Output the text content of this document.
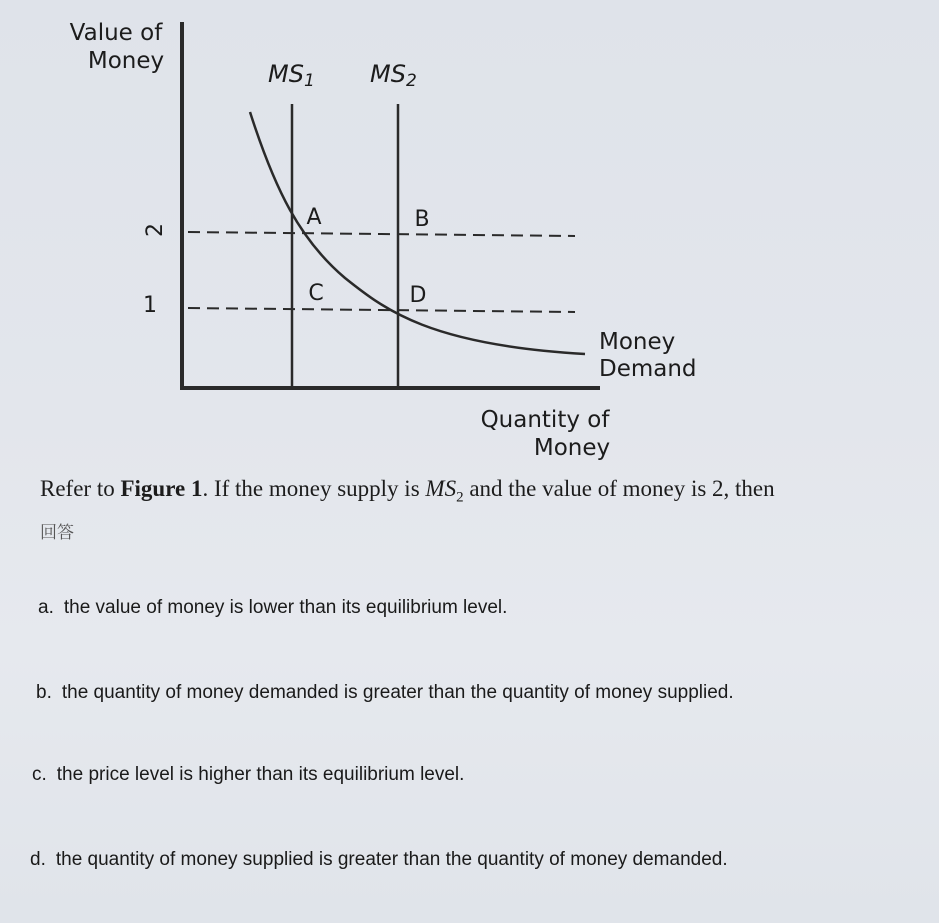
Value of
Money	MS1 MS2
2
1
A	B
C	D
Money
Demand
Quantity of
Money
Refer to Figure 1. If the money supply is $MS_2$ and the value of money is 2, then
回答
a. the value of money is lower than its equilibrium level.
b. the quantity of money demanded is greater than the quantity of money supplied.
c. the price level is higher than its equilibrium level.
d. the quantity of money supplied is greater than the quantity of money demanded.
